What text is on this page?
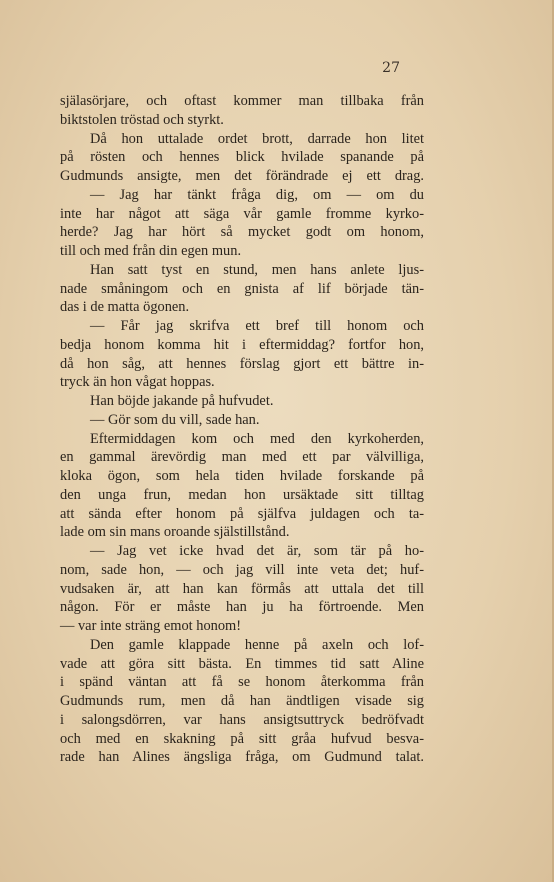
27
själasörjare, och oftast kommer man tillbaka från
biktstolen tröstad och styrkt.
Då hon uttalade ordet brott, darrade hon litet
på rösten och hennes blick hvilade spanande på
Gudmunds ansigte, men det förändrade ej ett drag.
— Jag har tänkt fråga dig, om — om du
inte har något att säga vår gamle fromme kyrko-
herde? Jag har hört så mycket godt om honom,
till och med från din egen mun.
Han satt tyst en stund, men hans anlete ljus-
nade småningom och en gnista af lif började tän-
das i de matta ögonen.
— Får jag skrifva ett bref till honom och
bedja honom komma hit i eftermiddag? fortfor hon,
då hon såg, att hennes förslag gjort ett bättre in-
tryck än hon vågat hoppas.
Han böjde jakande på hufvudet.
— Gör som du vill, sade han.
Eftermiddagen kom och med den kyrkoherden,
en gammal ärevördig man med ett par välvilliga,
kloka ögon, som hela tiden hvilade forskande på
den unga frun, medan hon ursäktade sitt tilltag
att sända efter honom på själfva juldagen och ta-
lade om sin mans oroande själstillstånd.
— Jag vet icke hvad det är, som tär på ho-
nom, sade hon, — och jag vill inte veta det; huf-
vudsaken är, att han kan förmås att uttala det till
någon. För er måste han ju ha förtroende. Men
— var inte sträng emot honom!
Den gamle klappade henne på axeln och lof-
vade att göra sitt bästa. En timmes tid satt Aline
i spänd väntan att få se honom återkomma från
Gudmunds rum, men då han ändtligen visade sig
i salongsdörren, var hans ansigtsuttryck bedröfvadt
och med en skakning på sitt gråa hufvud besva-
rade han Alines ängsliga fråga, om Gudmund talat.
